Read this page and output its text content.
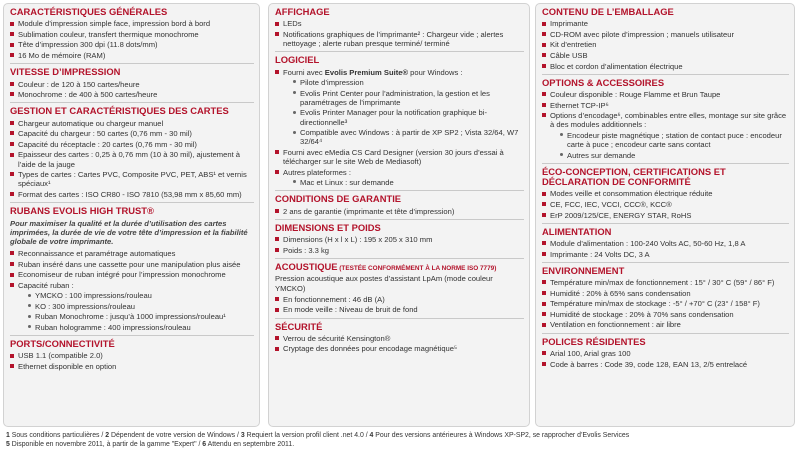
CARACTÉRISTIQUES GÉNÉRALES
Module d’impression simple face, impression bord à bord
Sublimation couleur, transfert thermique monochrome
Tête d’impression 300 dpi (11.8 dots/mm)
16 Mo de mémoire (RAM)
VITESSE D’IMPRESSION
Couleur : de 120 à 150 cartes/heure
Monochrome : de 400 à 500 cartes/heure
GESTION ET CARACTÉRISTIQUES DES CARTES
Chargeur automatique ou chargeur manuel
Capacité du chargeur : 50 cartes (0,76 mm - 30 mil)
Capacité du réceptacle : 20 cartes (0,76 mm - 30 mil)
Epaisseur des cartes : 0,25 à 0,76 mm (10 à 30 mil), ajustement à l’aide de la jauge
Types de cartes : Cartes PVC, Composite PVC, PET, ABS¹ et vernis spéciaux¹
Format des cartes : ISO CR80 - ISO 7810 (53,98 mm x 85,60 mm)
RUBANS EVOLIS HIGH TRUST®
Pour maximiser la qualité et la durée d’utilisation des cartes imprimées, la durée de vie de votre tête d’impression et la fiabilité globale de votre imprimante.
Reconnaissance et paramétrage automatiques
Ruban inséré dans une cassette pour une manipulation plus aisée
Economiseur de ruban intégré pour l’impression monochrome
Capacité ruban :
YMCKO : 100 impressions/rouleau
KO : 300 impressions/rouleau
Ruban Monochrome : jusqu’à 1000 impressions/rouleau¹
Ruban hologramme : 400 impressions/rouleau
PORTS/CONNECTIVITÉ
USB 1.1 (compatible 2.0)
Ethernet disponible en option
AFFICHAGE
LEDs
Notifications graphiques de l’imprimante² : Chargeur vide ; alertes nettoyage ; alerte ruban presque terminé/ terminé
LOGICIEL
Fourni avec Evolis Premium Suite® pour Windows :
Pilote d’impression
Evolis Print Center pour l’administration, la gestion et les paramétrages de l’imprimante
Evolis Printer Manager pour la notification graphique bi-directionnelle³
Compatible avec Windows : à partir de XP SP2 ; Vista 32/64, W7 32/64⁴
Fourni avec eMedia CS Card Designer (version 30 jours d’essai à télécharger sur le site Web de Mediasoft)
Autres plateformes :
Mac et Linux : sur demande
CONDITIONS DE GARANTIE
2 ans de garantie (imprimante et tête d’impression)
DIMENSIONS ET POIDS
Dimensions (H x l x L) : 195 x 205 x 310 mm
Poids : 3.3 kg
ACOUSTIQUE (TESTÉE CONFORMÉMENT À LA NORME ISO 7779)
Pression acoustique aux postes d’assistant LpAm (mode couleur YMCKO)
En fonctionnement : 46 dB (A)
En mode veille : Niveau de bruit de fond
SÉCURITÉ
Verrou de sécurité Kensington®
Cryptage des données pour encodage magnétique⁵
CONTENU DE L’EMBALLAGE
Imprimante
CD-ROM avec pilote d’impression ; manuels utilisateur
Kit d’entretien
Câble USB
Bloc et cordon d’alimentation électrique
OPTIONS & ACCESSOIRES
Couleur disponible : Rouge Flamme et Brun Taupe
Ethernet TCP-IP⁶
Options d’encodage⁶, combinables entre elles, montage sur site grâce à des modules additionnels :
Encodeur piste magnétique ; station de contact puce : encodeur carte à puce ; encodeur carte sans contact
Autres sur demande
ÉCO-CONCEPTION, CERTIFICATIONS ET DÉCLARATION DE CONFORMITÉ
Modes veille et consommation électrique réduite
CE, FCC, IEC, VCCI, CCC®, KCC®
ErP 2009/125/CE, ENERGY STAR, RoHS
ALIMENTATION
Module d’alimentation : 100-240 Volts AC, 50-60 Hz, 1,8 A
Imprimante : 24 Volts DC, 3 A
ENVIRONNEMENT
Température min/max de fonctionnement : 15° / 30° C (59° / 86° F)
Humidité : 20% à 65% sans condensation
Température min/max de stockage : -5° / +70° C (23° / 158° F)
Humidité de stockage : 20% à 70% sans condensation
Ventilation en fonctionnement : air libre
POLICES RÉSIDENTES
Arial 100, Arial gras 100
Code à barres : Code 39, code 128, EAN 13, 2/5 entrelacé
1 Sous conditions particulières / 2 Dépendent de votre version de Windows / 3 Requiert la version profil client .net 4.0 / 4 Pour des versions antérieures à Windows XP-SP2, se rapprocher d’Evolis Services
5 Disponible en novembre 2011, à partir de la gamme "Expert" / 6 Attendu en septembre 2011.
